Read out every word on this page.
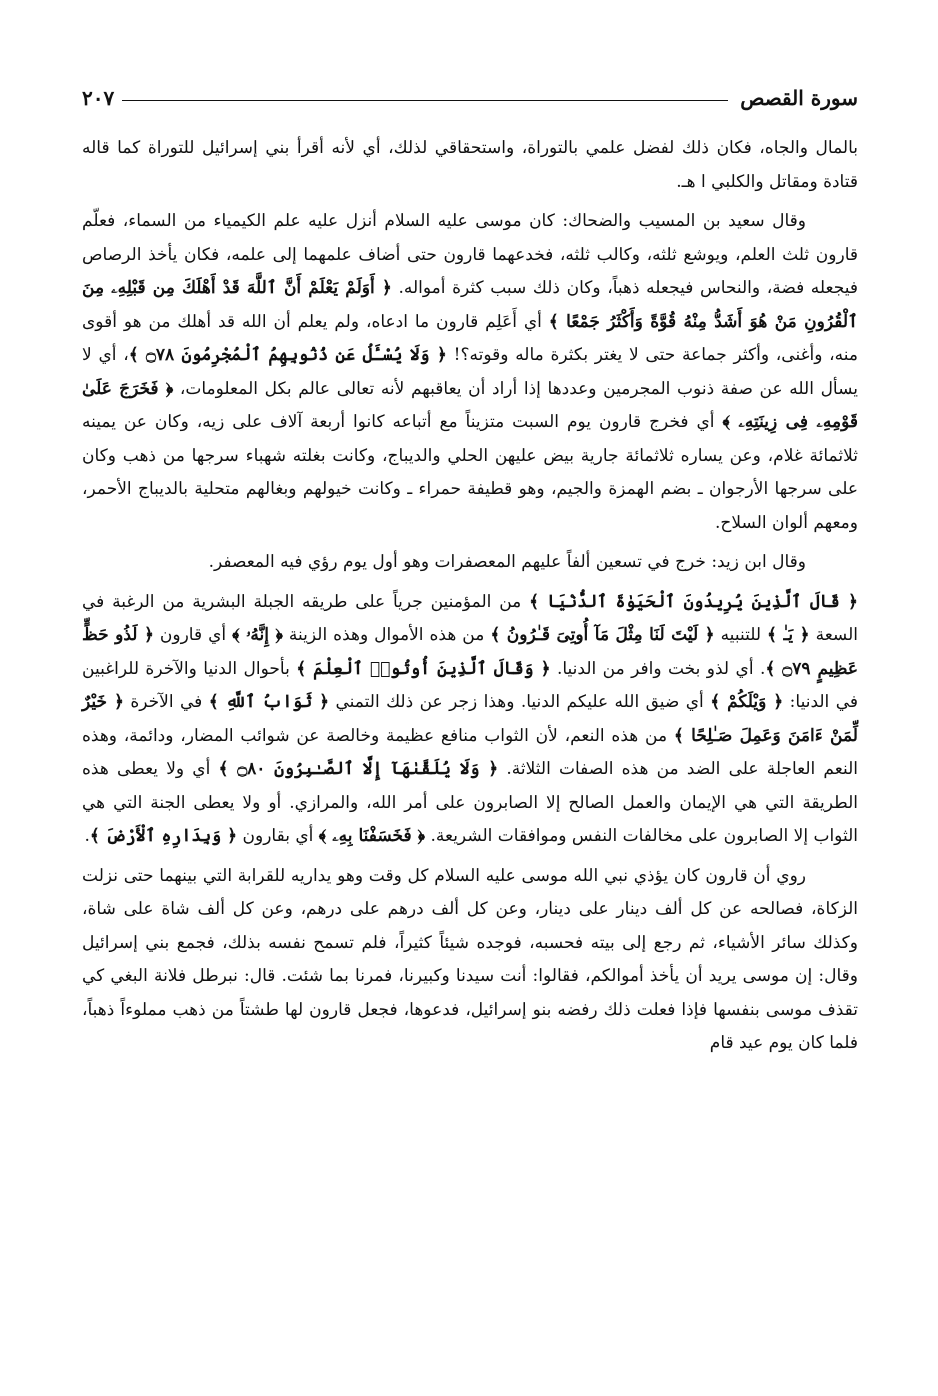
سورة القصص
٢٠٧

بالمال والجاه، فكان ذلك لفضل علمي بالتوراة، واستحقاقي لذلك، أي لأنه أقرأ بني إسرائيل للتوراة كما قاله قتادة ومقاتل والكلبي ا هـ.

وقال سعيد بن المسيب والضحاك: كان موسى عليه السلام أنزل عليه علم الكيمياء من السماء، فعلّم قارون ثلث العلم، ويوشع ثلثه، وكالب ثلثه، فخدعهما قارون حتى أضاف علمهما إلى علمه، فكان يأخذ الرصاص فيجعله فضة، والنحاس فيجعله ذهباً، وكان ذلك سبب كثرة أمواله. ﴿ أَوَلَمْ يَعْلَمْ أَنَّ ٱللَّهَ قَدْ أَهْلَكَ مِن قَبْلِهِۦ مِنَ ٱلْقُرُونِ مَنْ هُوَ أَشَدُّ مِنْهُ قُوَّةً وَأَكْثَرُ جَمْعًا ﴾ أي أَعَلِم قارون ما ادعاه، ولم يعلم أن الله قد أهلك من هو أقوى منه، وأغنى، وأكثر جماعة حتى لا يغتر بكثرة ماله وقوته؟! ﴿ وَلَا يُسْـَٔلُ عَن ذُنُوبِهِمُ ٱلْمُجْرِمُونَ ۝٧٨ ﴾، أي لا يسأل الله عن صفة ذنوب المجرمين وعددها إذا أراد أن يعاقبهم لأنه تعالى عالم بكل المعلومات، ﴿ فَخَرَجَ عَلَىٰ قَوْمِهِۦ فِى زِينَتِهِۦ ﴾ أي فخرج قارون يوم السبت متزيناً مع أتباعه كانوا أربعة آلاف على زيه، وكان عن يمينه ثلاثمائة غلام، وعن يساره ثلاثمائة جارية بيض عليهن الحلي والديباج، وكانت بغلته شهباء سرجها من ذهب وكان على سرجها الأرجوان ـ بضم الهمزة والجيم، وهو قطيفة حمراء ـ وكانت خيولهم وبغالهم متحلية بالديباج الأحمر، ومعهم ألوان السلاح.

وقال ابن زيد: خرج في تسعين ألفاً عليهم المعصفرات وهو أول يوم رؤي فيه المعصفر.

﴿ قَالَ ٱلَّذِينَ يُرِيدُونَ ٱلْحَيَوٰةَ ٱلدُّنْيَا ﴾ من المؤمنين جرياً على طريقه الجبلة البشرية من الرغبة في السعة ﴿ يَـٰ ﴾ للتنبيه ﴿ لَيْتَ لَنَا مِثْلَ مَآ أُوتِىَ قَـٰرُونُ ﴾ من هذه الأموال وهذه الزينة ﴿ إِنَّهُۥ ﴾ أي قارون ﴿ لَذُو حَظٍّ عَظِيمٍ ۝٧٩ ﴾. أي لذو بخت وافر من الدنيا. ﴿ وَقَالَ ٱلَّذِينَ أُوتُوا۟ ٱلْعِلْمَ ﴾ بأحوال الدنيا والآخرة للراغبين في الدنيا: ﴿ وَيْلَكُمْ ﴾ أي ضيق الله عليكم الدنيا. وهذا زجر عن ذلك التمني ﴿ ثَوَابُ ٱللَّهِ ﴾ في الآخرة ﴿ خَيْرٌ لِّمَنْ ءَامَنَ وَعَمِلَ صَـٰلِحًا ﴾ من هذه النعم، لأن الثواب منافع عظيمة وخالصة عن شوائب المضار، ودائمة، وهذه النعم العاجلة على الضد من هذه الصفات الثلاثة. ﴿ وَلَا يُلَقَّىٰهَآ إِلَّا ٱلصَّـٰبِرُونَ ۝٨٠ ﴾ أي ولا يعطى هذه الطريقة التي هي الإيمان والعمل الصالح إلا الصابرون على أمر الله، والمرازي. أو ولا يعطى الجنة التي هي الثواب إلا الصابرون على مخالفات النفس وموافقات الشريعة. ﴿ فَخَسَفْنَا بِهِۦ ﴾ أي بقارون ﴿ وَبِدَارِهِ ٱلْأَرْضَ ﴾.

روي أن قارون كان يؤذي نبي الله موسى عليه السلام كل وقت وهو يداريه للقرابة التي بينهما حتى نزلت الزكاة، فصالحه عن كل ألف دينار على دينار، وعن كل ألف درهم على درهم، وعن كل ألف شاة على شاة، وكذلك سائر الأشياء، ثم رجع إلى بيته فحسبه، فوجده شيئاً كثيراً، فلم تسمح نفسه بذلك، فجمع بني إسرائيل وقال: إن موسى يريد أن يأخذ أموالكم، فقالوا: أنت سيدنا وكبيرنا، فمرنا بما شئت. قال: نبرطل فلانة البغي كي تقذف موسى بنفسها فإذا فعلت ذلك رفضه بنو إسرائيل، فدعوها، فجعل قارون لها طشتاً من ذهب مملوءاً ذهباً، فلما كان يوم عيد قام
